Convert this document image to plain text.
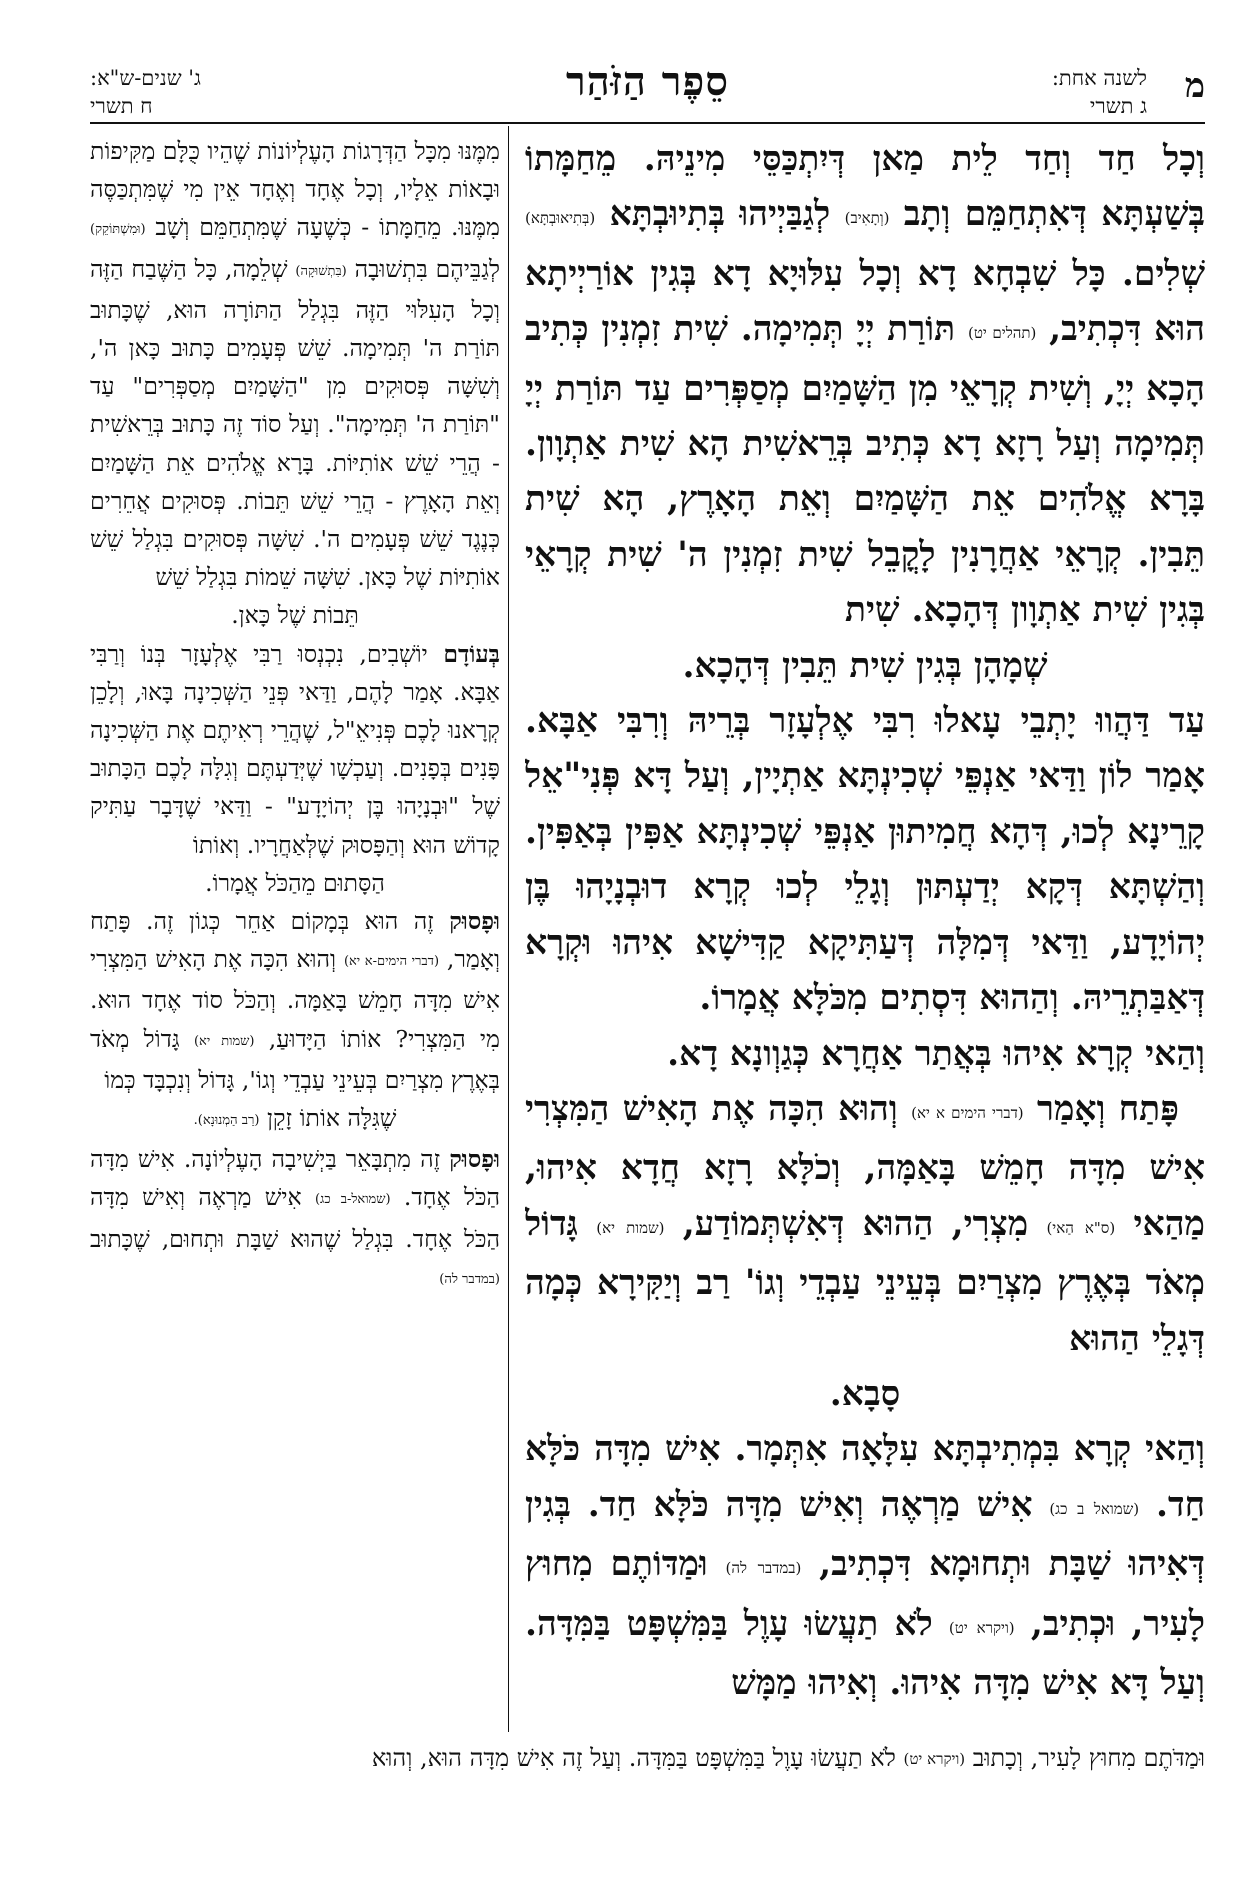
מ
לשנה אחת:
ג תשרי
סֵפֶר הַזֹּהַר
ג' שנים-ש"א:
ח תשרי

וְכָל חַד וְחַד לֵית מַאן דְּיִתְכַּסֵּי מִינֵיהּ. מֵחַמָּתוֹ בְּשַׁעְתָּא דְּאִתְחַמֵּם וְתָב (וְתָאִיב) לְגַבַּיְיהוּ בְּתִיוּבְתָּא (בְּתִיאוּבְתָּא) שְׁלִים. כָּל שִׁבְחָא דָא וְכָל עִלּוּיָא דָא בְּגִין אוֹרַיְיתָא הוּא דִּכְתִיב, (תהלים יט) תּוֹרַת יְיָ תְּמִימָה. שִׁית זִמְנִין כְּתִיב הָכָא יְיָ, וְשִׁית קְרָאֵי מִן הַשָּׁמַיִם מְסַפְּרִים עַד תּוֹרַת יְיָ תְּמִימָה וְעַל רָזָא דָא כְּתִיב בְּרֵאשִׁית הָא שִׁית אַתְוָון. בָּרָא אֱלֹהִים אֵת הַשָּׁמַיִם וְאֵת הָאָרֶץ, הָא שִׁית תֵּבִין. קְרָאֵי אַחֲרָנִין לָקֳבֵל שִׁית זִמְנִין ה' שִׁית קְרָאֵי בְּגִין שִׁית אַתְוָון דְּהָכָא. שִׁית

שְׁמָהָן בְּגִין שִׁית תֵּבִין דְּהָכָא.

עַד דַּהֲווּ יָתְבֵי עָאלוּ רִבִּי אֶלְעָזָר בְּרֵיהּ וְרִבִּי אַבָּא. אָמַר לוֹן וַדַּאי אַנְפֵּי שְׁכִינְתָּא אַתְיָין, וְעַל דָּא פְּנִי"אֵל קָרֵינָא לְכוּ, דְּהָא חֲמִיתוּן אַנְפֵּי שְׁכִינְתָּא אַפִּין בְּאַפִּין. וְהַשְׁתָּא דְּקָא יְדַעְתּוּן וְגָלֵי לְכוּ קְרָא דוּבְנָיָהוּ בֶּן יְהוֹיָדָע, וַדַּאי דְּמִלָּה דְּעַתִּיקָא קַדִּישָׁא אִיהוּ וּקְרָא דְּאַבַּתְרֵיהּ. וְהַהוּא דִּסְתִים מִכֹּלָּא אֲמָרוֹ.

וְהַאי קְרָא אִיהוּ בְּאֲתַר אַחֲרָא כְּגַוְונָא דָא.

פָּתַח וְאָמַר (דברי הימים א יא) וְהוּא הִכָּה אֶת הָאִישׁ הַמִּצְרִי אִישׁ מִדָּה חָמֵשׁ בָּאַמָּה, וְכֹלָּא רָזָא חֲדָא אִיהוּ, מַהַאי (ס"א הַאי) מִצְרִי, הַהוּא דְּאִשְׁתְּמוֹדַע, (שמות יא) גָּדוֹל מְאֹד בְּאֶרֶץ מִצְרַיִם בְּעֵינֵי עַבְדֵי וְגוֹ' רַב וְיַקִּירָא כְּמָה דְּגָלֵי הַהוּא

סָבָא.

וְהַאי קְרָא בִּמְתִיבְתָּא עִלָּאָה אִתְּמָר. אִישׁ מִדָּה כֹּלָּא חַד. (שמואל ב כג) אִישׁ מַרְאֶה וְאִישׁ מִדָּה כֹּלָּא חַד. בְּגִין דְּאִיהוּ שַׁבָּת וּתְחוּמָא דִּכְתִיב, (במדבר לה) וּמַדּוֹתֶם מִחוּץ לָעִיר, וּכְתִיב, (ויקרא יט) לֹא תַעֲשׂוּ עָוֶל בַּמִּשְׁפָּט בַּמִּדָּה. וְעַל דָּא אִישׁ מִדָּה אִיהוּ. וְאִיהוּ מַמָּשׁ

מִמֶּנּוּ מִכָּל הַדְּרָגוֹת הָעֶלְיוֹנוֹת שֶׁהֵיו כֻּלָּם מַקִּיפוֹת וּבָאוֹת אֵלָיו, וְכָל אֶחָד וְאֶחָד אֵין מִי שֶׁמִּתְכַּסֶּה מִמֶּנּוּ. מֵחַמָּתוֹ - כְּשֶׁעָה שֶׁמִּתְחַמֵּם וְשָׁב (וּמִשְׁתּוֹקֵק) לְגַבֵּיהֶם בִּתְשׁוּבָה (בִּתְשׁוּקָה) שְׁלֵמָה, כָּל הַשֶּׁבַח הַזֶּה וְכָל הָעִלּוּי הַזֶּה בִּגְלַל הַתּוֹרָה הוּא, שֶׁכָּתוּב תּוֹרַת ה' תְּמִימָה. שֵׁשׁ פְּעָמִים כָּתוּב כָּאן ה', וְשִׁשָּׁה פְּסוּקִים מִן "הַשָּׁמַיִם מְסַפְּרִים" עַד "תּוֹרַת ה' תְּמִימָה". וְעַל סוֹד זֶה כָּתוּב בְּרֵאשִׁית - הֲרֵי שֵׁשׁ אוֹתִיּוֹת. בָּרָא אֱלֹהִים אֵת הַשָּׁמַיִם וְאֵת הָאָרֶץ - הֲרֵי שֵׁשׁ תֵּבוֹת. פְּסוּקִים אֲחֵרִים כְּנֶגֶד שֵׁשׁ פְּעָמִים ה'. שִׁשָּׁה פְּסוּקִים בִּגְלַל שֵׁשׁ אוֹתִיּוֹת שֶׁל כָּאן. שִׁשָּׁה שֵׁמוֹת בִּגְלַל שֵׁשׁ

תֵּבוֹת שֶׁל כָּאן.

בְּעוֹדָם יוֹשְׁבִים, נִכְנְסוּ רַבִּי אֶלְעָזָר בְּנוֹ וְרַבִּי אַבָּא. אָמַר לָהֶם, וַדַּאי פְּנֵי הַשְּׁכִינָה בָּאוּ, וְלָכֵן קְרָאנוּ לָכֶם פְּנִיאֵ"ל, שֶׁהֲרֵי רְאִיתֶם אֶת הַשְּׁכִינָה פָּנִים בְּפָנִים. וְעַכְשָׁו שֶׁיְּדַעְתֶּם וְגִלָּה לָכֶם הַכָּתוּב שֶׁל "וּבְנָיָהוּ בֶּן יְהוֹיָדָע" - וַדַּאי שֶׁדָּבָר עַתִּיק קָדוֹשׁ הוּא וְהַפָּסוּק שֶׁלְּאַחֲרָיו. וְאוֹתוֹ

הַסָּתוּם מֵהַכֹּל אֲמָרוֹ.

וּפָסוּק זֶה הוּא בְּמָקוֹם אַחֵר כְּגוֹן זֶה. פָּתַח וְאָמַר, (דברי הימים-א יא) וְהוּא הִכָּה אֶת הָאִישׁ הַמִּצְרִי אִישׁ מִדָּה חָמֵשׁ בָּאַמָּה. וְהַכֹּל סוֹד אֶחָד הוּא. מִי הַמִּצְרִי? אוֹתוֹ הַיָּדוּעַ, (שמות יא) גָּדוֹל מְאֹד בְּאֶרֶץ מִצְרַיִם בְּעֵינֵי עַבְדֵי וְגוֹ', גָּדוֹל וְנִכְבָּד כְּמוֹ

שֶׁגִּלָּה אוֹתוֹ זָקֵן (רַב הַמְנוּנָא).

וּפָסוּק זֶה מִתְבָּאֵר בַּיְשִׁיבָה הָעֶלְיוֹנָה. אִישׁ מִדָּה הַכֹּל אֶחָד. (שמואל-ב כג) אִישׁ מַרְאֶה וְאִישׁ מִדָּה הַכֹּל אֶחָד. בִּגְלַל שֶׁהוּא שַׁבָּת וּתְחוּם, שֶׁכָּתוּב (במדבר לה)

וּמַדֹּתֶם מִחוּץ לָעִיר, וְכָתוּב (ויקרא יט) לֹא תַעֲשׂוּ עָוֶל בַּמִּשְׁפָּט בַּמִּדָּה. וְעַל זֶה אִישׁ מִדָּה הוּא, וְהוּא
